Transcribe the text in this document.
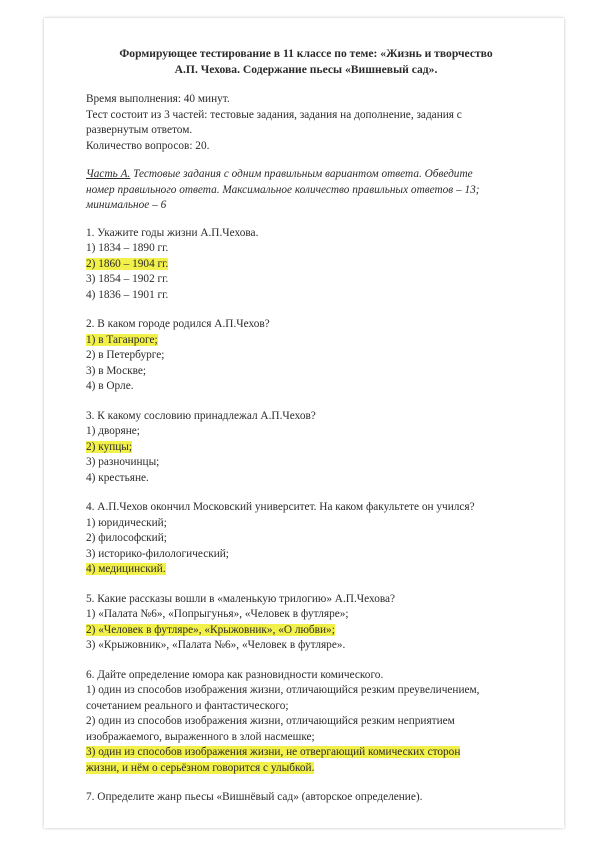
Формирующее тестирование в 11 классе по теме: «Жизнь и творчество
А.П. Чехова. Содержание пьесы «Вишневый сад».
Время выполнения: 40 минут.
Тест состоит из 3 частей: тестовые задания, задания на дополнение, задания с
развернутым ответом.
Количество вопросов: 20.
Часть А. Тестовые задания с одним правильным вариантом ответа. Обведите
номер правильного ответа. Максимальное количество правильных ответов – 13;
минимальное – 6
1. Укажите годы жизни А.П.Чехова.
1) 1834 – 1890 гг.
2) 1860 – 1904 гг.
3) 1854 – 1902 гг.
4) 1836 – 1901 гг.
2. В каком городе родился А.П.Чехов?
1) в Таганроге;
2) в Петербурге;
3) в Москве;
4) в Орле.
3. К какому сословию принадлежал А.П.Чехов?
1) дворяне;
2) купцы;
3) разночинцы;
4) крестьяне.
4. А.П.Чехов окончил Московский университет. На каком факультете он учился?
1) юридический;
2) философский;
3) историко-филологический;
4) медицинский.
5. Какие рассказы вошли в «маленькую трилогию» А.П.Чехова?
1) «Палата №6», «Попрыгунья», «Человек в футляре»;
2) «Человек в футляре», «Крыжовник», «О любви»;
3) «Крыжовник», «Палата №6», «Человек в футляре».
6. Дайте определение юмора как разновидности комического.
1) один из способов изображения жизни, отличающийся резким преувеличением,
сочетанием реального и фантастического;
2) один из способов изображения жизни, отличающийся резким неприятием
изображаемого, выраженного в злой насмешке;
3) один из способов изображения жизни, не отвергающий комических сторон
жизни, и нём о серьёзном говорится с улыбкой.
7. Определите жанр пьесы «Вишнёвый сад» (авторское определение).
